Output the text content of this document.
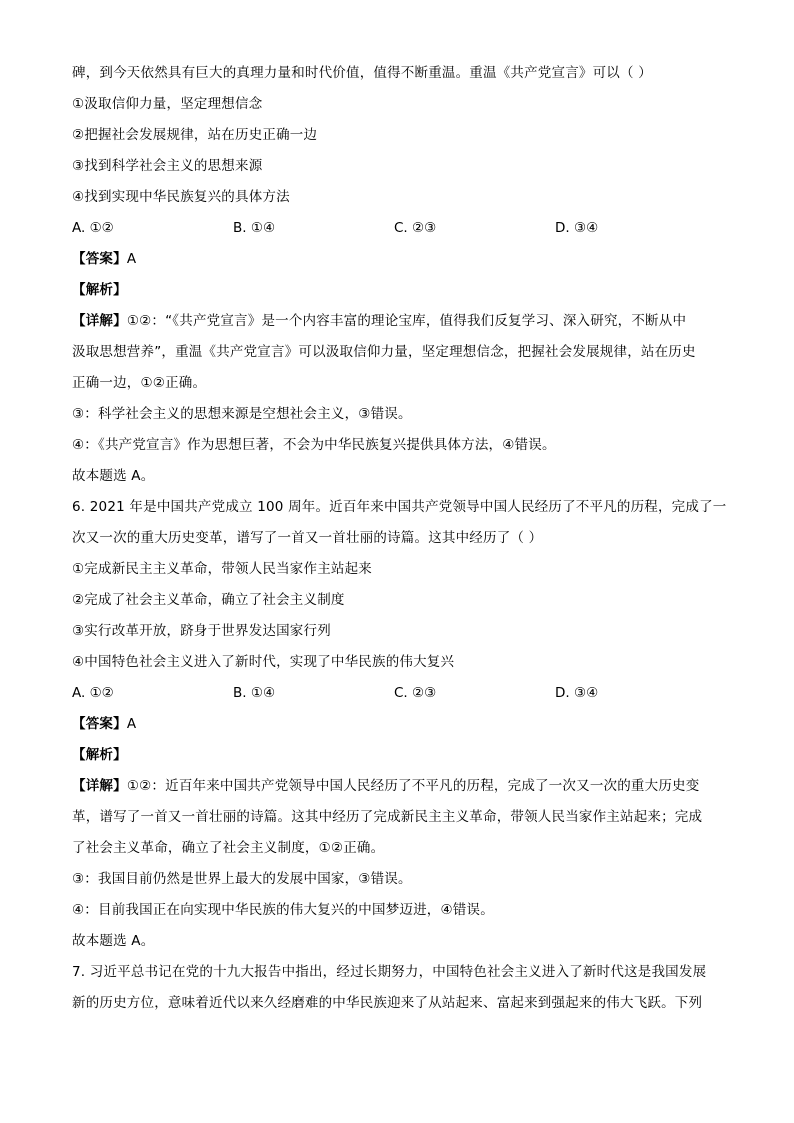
碑，到今天依然具有巨大的真理力量和时代价值，值得不断重温。重温《共产党宣言》可以（ ）
①汲取信仰力量，坚定理想信念
②把握社会发展规律，站在历史正确一边
③找到科学社会主义的思想来源
④找到实现中华民族复兴的具体方法
A. ①②	B. ①④	C. ②③	D. ③④
【答案】A
【解析】
【详解】①②：“《共产党宣言》是一个内容丰富的理论宝库，值得我们反复学习、深入研究，不断从中
汲取思想营养”，重温《共产党宣言》可以汲取信仰力量，坚定理想信念，把握社会发展规律，站在历史
正确一边，①②正确。
③：科学社会主义的思想来源是空想社会主义，③错误。
④：《共产党宣言》作为思想巨著，不会为中华民族复兴提供具体方法，④错误。
故本题选 A。
6. 2021 年是中国共产党成立 100 周年。近百年来中国共产党领导中国人民经历了不平凡的历程，完成了一
次又一次的重大历史变革，谱写了一首又一首壮丽的诗篇。这其中经历了（ ）
①完成新民主主义革命，带领人民当家作主站起来
②完成了社会主义革命，确立了社会主义制度
③实行改革开放，跻身于世界发达国家行列
④中国特色社会主义进入了新时代，实现了中华民族的伟大复兴
A. ①②	B. ①④	C. ②③	D. ③④
【答案】A
【解析】
【详解】①②：近百年来中国共产党领导中国人民经历了不平凡的历程，完成了一次又一次的重大历史变
革，谱写了一首又一首壮丽的诗篇。这其中经历了完成新民主主义革命，带领人民当家作主站起来；完成
了社会主义革命，确立了社会主义制度，①②正确。
③：我国目前仍然是世界上最大的发展中国家，③错误。
④：目前我国正在向实现中华民族的伟大复兴的中国梦迈进，④错误。
故本题选 A。
7. 习近平总书记在党的十九大报告中指出，经过长期努力，中国特色社会主义进入了新时代这是我国发展
新的历史方位，意味着近代以来久经磨难的中华民族迎来了从站起来、富起来到强起来的伟大飞跃。下列
